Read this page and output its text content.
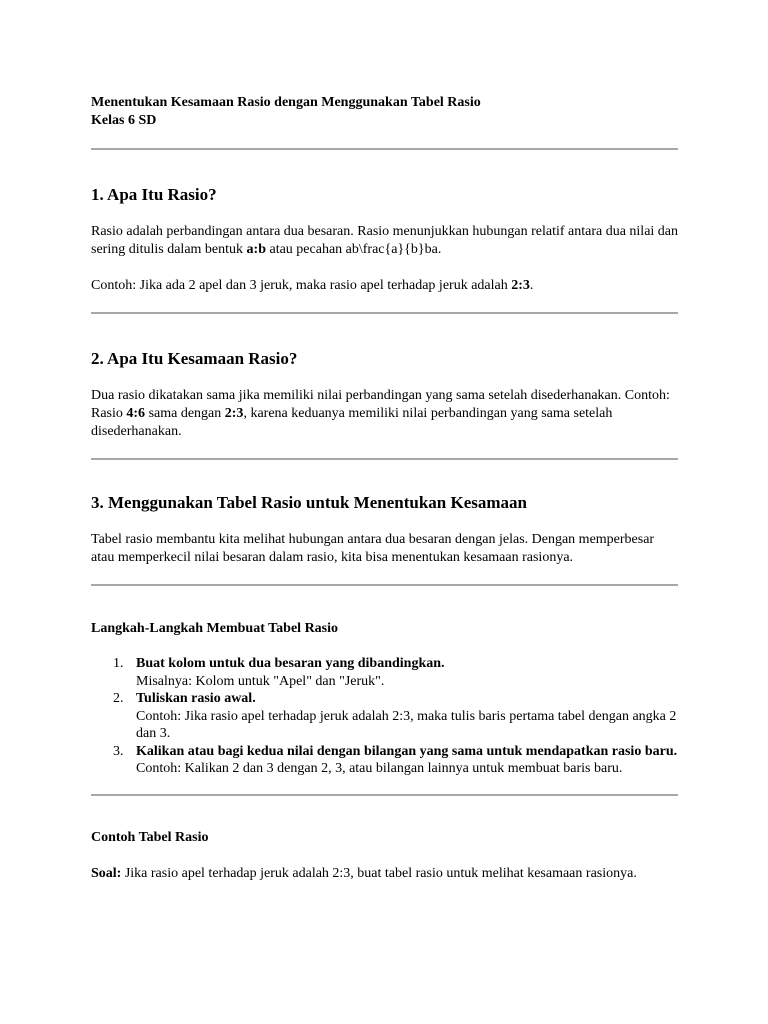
Menentukan Kesamaan Rasio dengan Menggunakan Tabel Rasio

Kelas 6 SD

1. Apa Itu Rasio?

Rasio adalah perbandingan antara dua besaran. Rasio menunjukkan hubungan relatif antara dua nilai dan sering ditulis dalam bentuk a:b atau pecahan ab\frac{a}{b}ba.

Contoh: Jika ada 2 apel dan 3 jeruk, maka rasio apel terhadap jeruk adalah 2:3.

2. Apa Itu Kesamaan Rasio?

Dua rasio dikatakan sama jika memiliki nilai perbandingan yang sama setelah disederhanakan. Contoh: Rasio 4:6 sama dengan 2:3, karena keduanya memiliki nilai perbandingan yang sama setelah disederhanakan.

3. Menggunakan Tabel Rasio untuk Menentukan Kesamaan

Tabel rasio membantu kita melihat hubungan antara dua besaran dengan jelas. Dengan memperbesar atau memperkecil nilai besaran dalam rasio, kita bisa menentukan kesamaan rasionya.

Langkah-Langkah Membuat Tabel Rasio
1. Buat kolom untuk dua besaran yang dibandingkan.
Misalnya: Kolom untuk "Apel" dan "Jeruk".
2. Tuliskan rasio awal.
Contoh: Jika rasio apel terhadap jeruk adalah 2:3, maka tulis baris pertama tabel dengan angka 2 dan 3.
3. Kalikan atau bagi kedua nilai dengan bilangan yang sama untuk mendapatkan rasio baru.
Contoh: Kalikan 2 dan 3 dengan 2, 3, atau bilangan lainnya untuk membuat baris baru.
Contoh Tabel Rasio

Soal: Jika rasio apel terhadap jeruk adalah 2:3, buat tabel rasio untuk melihat kesamaan rasionya.
